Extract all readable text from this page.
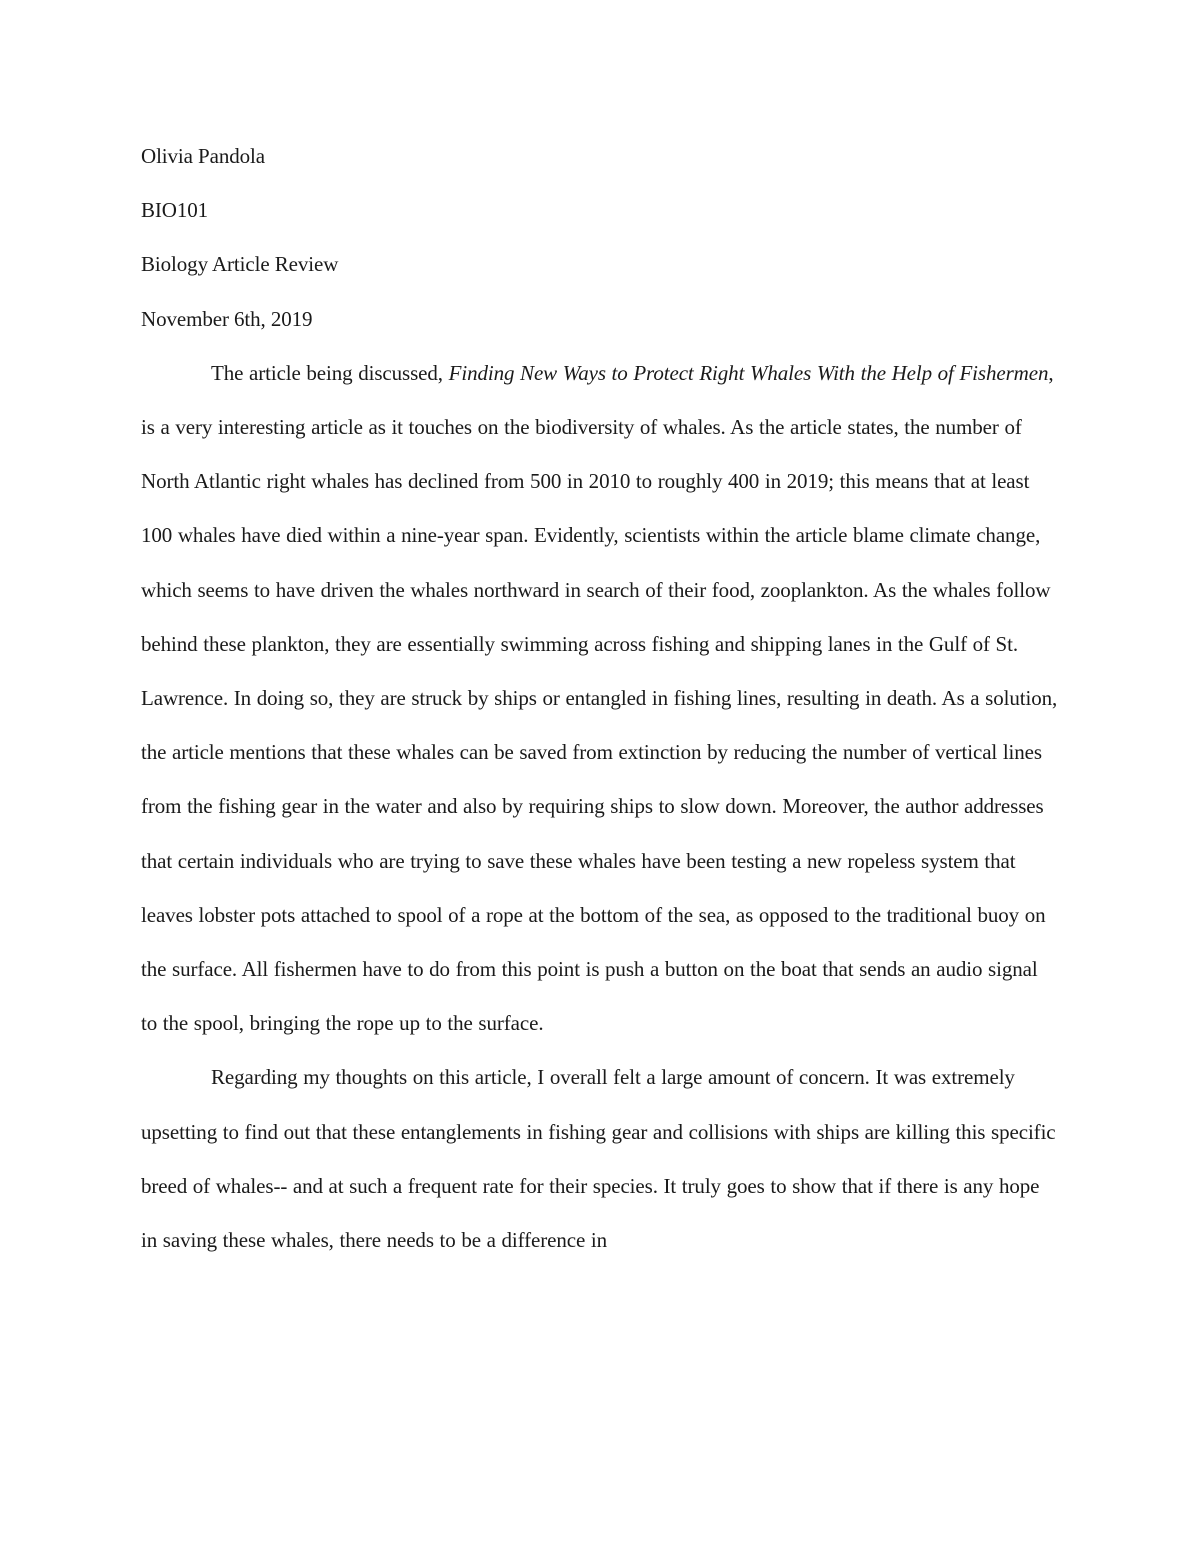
Olivia Pandola

BIO101

Biology Article Review

November 6th, 2019

The article being discussed, Finding New Ways to Protect Right Whales With the Help of Fishermen, is a very interesting article as it touches on the biodiversity of whales. As the article states, the number of North Atlantic right whales has declined from 500 in 2010 to roughly 400 in 2019; this means that at least 100 whales have died within a nine-year span. Evidently, scientists within the article blame climate change, which seems to have driven the whales northward in search of their food, zooplankton. As the whales follow behind these plankton, they are essentially swimming across fishing and shipping lanes in the Gulf of St. Lawrence. In doing so, they are struck by ships or entangled in fishing lines, resulting in death. As a solution, the article mentions that these whales can be saved from extinction by reducing the number of vertical lines from the fishing gear in the water and also by requiring ships to slow down. Moreover, the author addresses that certain individuals who are trying to save these whales have been testing a new ropeless system that leaves lobster pots attached to spool of a rope at the bottom of the sea, as opposed to the traditional buoy on the surface. All fishermen have to do from this point is push a button on the boat that sends an audio signal to the spool, bringing the rope up to the surface.

Regarding my thoughts on this article, I overall felt a large amount of concern. It was extremely upsetting to find out that these entanglements in fishing gear and collisions with ships are killing this specific breed of whales-- and at such a frequent rate for their species. It truly goes to show that if there is any hope in saving these whales, there needs to be a difference in
